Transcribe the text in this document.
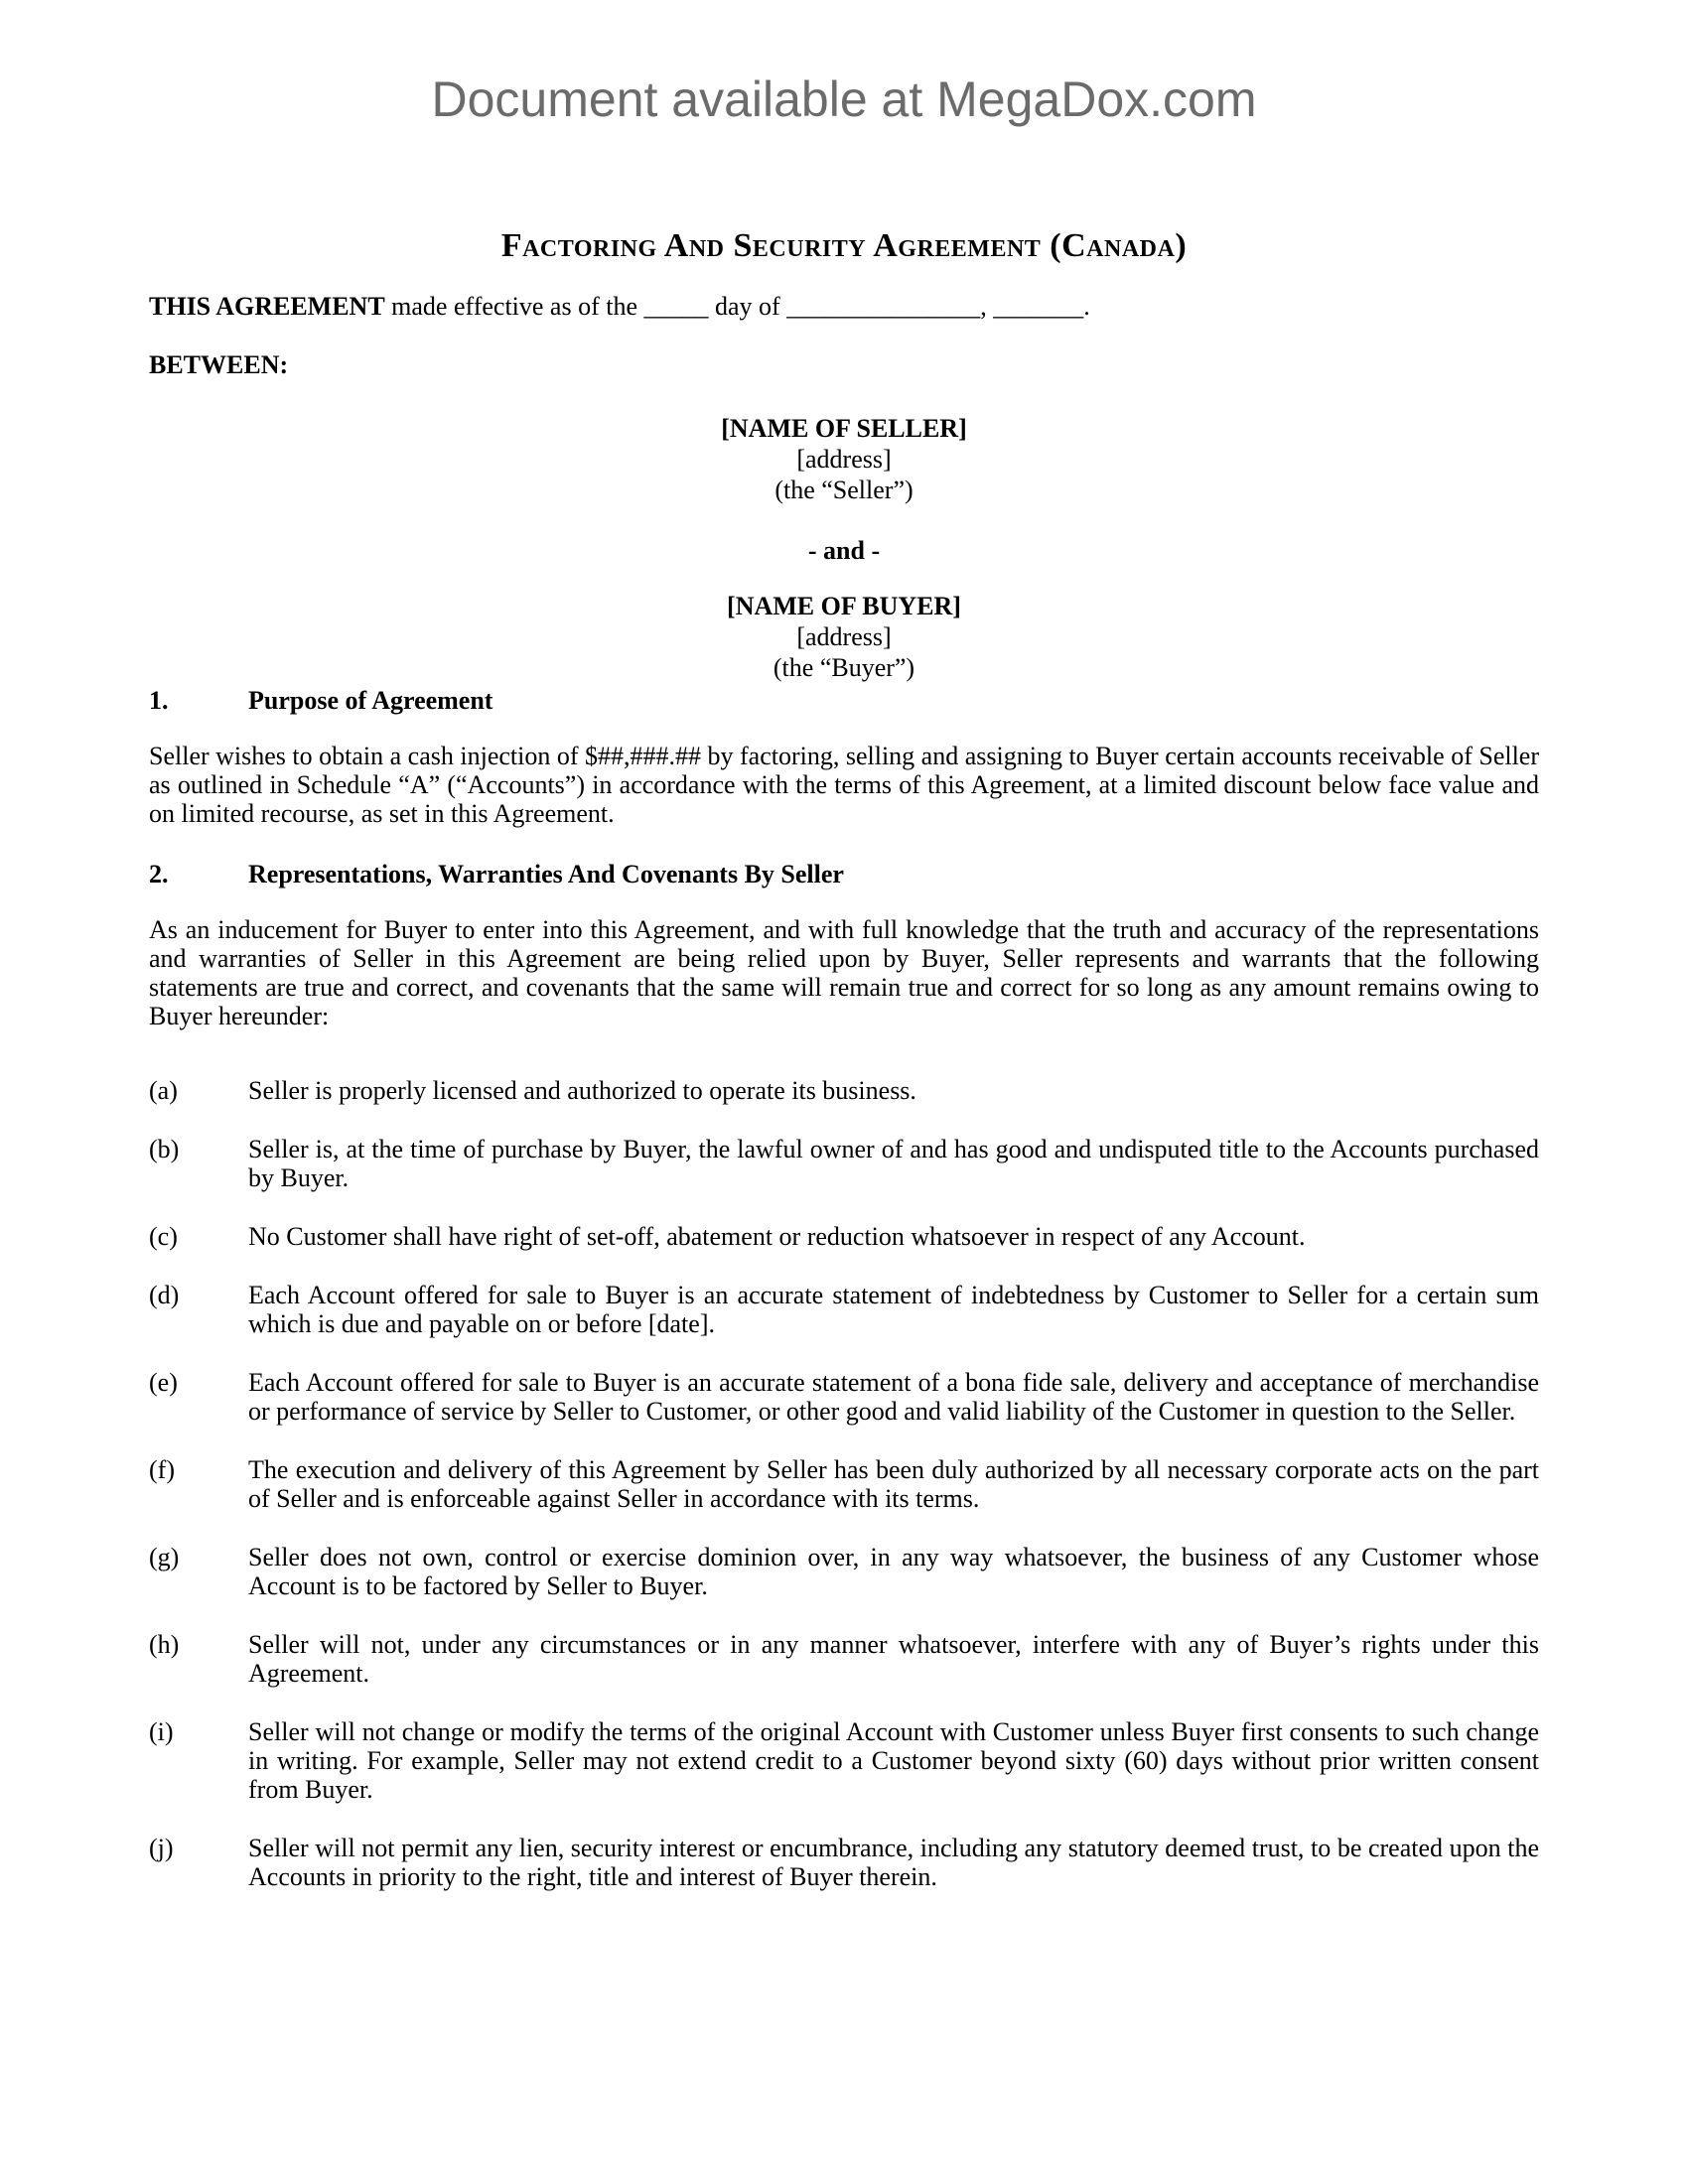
Document available at MegaDox.com
Factoring And Security Agreement (Canada)

THIS AGREEMENT made effective as of the _____ day of _______________, _______.

BETWEEN:

[NAME OF SELLER]
[address]
(the “Seller”)
- and -
[NAME OF BUYER]
[address]
(the “Buyer”)
1.	Purpose of Agreement

Seller wishes to obtain a cash injection of $##,###.## by factoring, selling and assigning to Buyer certain accounts receivable of Seller as outlined in Schedule “A” (“Accounts”) in accordance with the terms of this Agreement, at a limited discount below face value and on limited recourse, as set in this Agreement.

2.	Representations, Warranties And Covenants By Seller

As an inducement for Buyer to enter into this Agreement, and with full knowledge that the truth and accuracy of the representations and warranties of Seller in this Agreement are being relied upon by Buyer, Seller represents and warrants that the following statements are true and correct, and covenants that the same will remain true and correct for so long as any amount remains owing to Buyer hereunder:

(a)	Seller is properly licensed and authorized to operate its business.
(b)	Seller is, at the time of purchase by Buyer, the lawful owner of and has good and undisputed title to the Accounts purchased by Buyer.
(c)	No Customer shall have right of set-off, abatement or reduction whatsoever in respect of any Account.
(d)	Each Account offered for sale to Buyer is an accurate statement of indebtedness by Customer to Seller for a certain sum which is due and payable on or before [date].
(e)	Each Account offered for sale to Buyer is an accurate statement of a bona fide sale, delivery and acceptance of merchandise or performance of service by Seller to Customer, or other good and valid liability of the Customer in question to the Seller.
(f)	The execution and delivery of this Agreement by Seller has been duly authorized by all necessary corporate acts on the part of Seller and is enforceable against Seller in accordance with its terms.
(g)	Seller does not own, control or exercise dominion over, in any way whatsoever, the business of any Customer whose Account is to be factored by Seller to Buyer.
(h)	Seller will not, under any circumstances or in any manner whatsoever, interfere with any of Buyer’s rights under this Agreement.
(i)	Seller will not change or modify the terms of the original Account with Customer unless Buyer first consents to such change in writing. For example, Seller may not extend credit to a Customer beyond sixty (60) days without prior written consent from Buyer.
(j)	Seller will not permit any lien, security interest or encumbrance, including any statutory deemed trust, to be created upon the Accounts in priority to the right, title and interest of Buyer therein.
